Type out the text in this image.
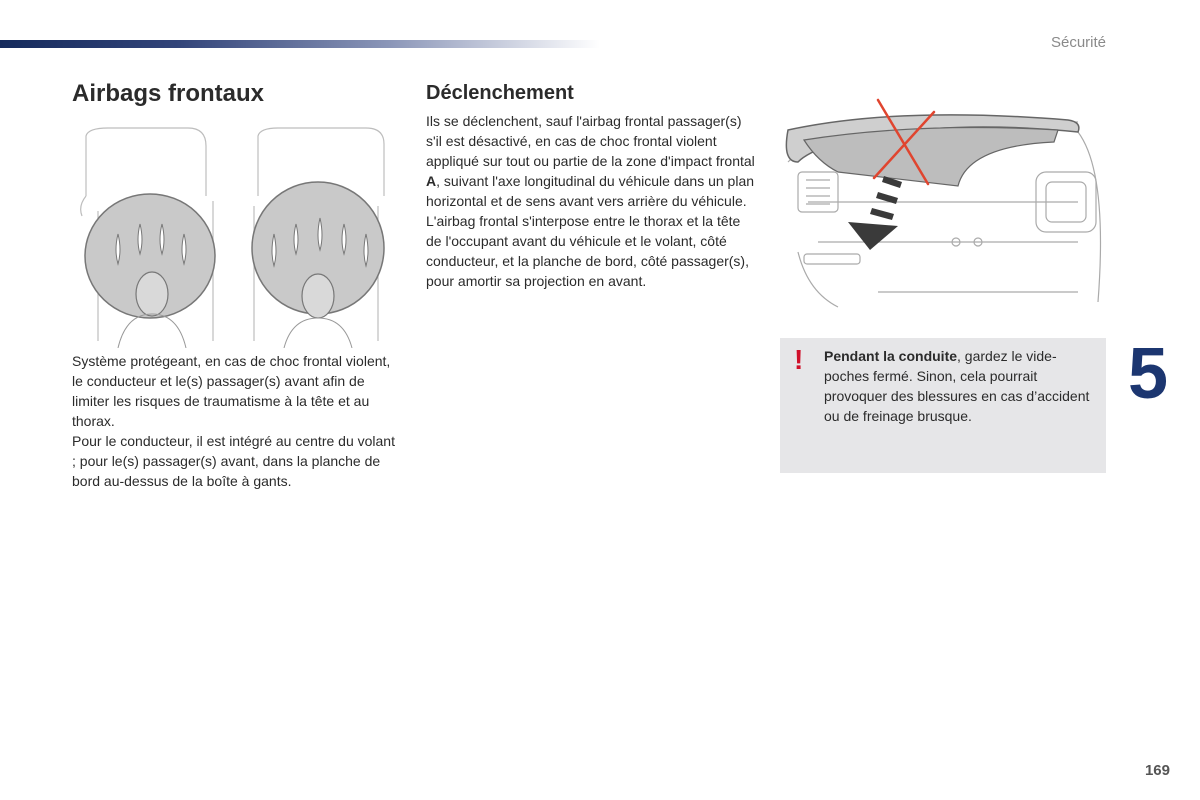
Sécurité
Airbags frontaux

Système protégeant, en cas de choc frontal violent, le conducteur et le(s) passager(s) avant afin de limiter les risques de traumatisme à la tête et au thorax.

Pour le conducteur, il est intégré au centre du volant ; pour le(s) passager(s) avant, dans la planche de bord au-dessus de la boîte à gants.

Déclenchement

Ils se déclenchent, sauf l'airbag frontal passager(s) s'il est désactivé, en cas de choc frontal violent appliqué sur tout ou partie de la zone d'impact frontal A, suivant l'axe longitudinal du véhicule dans un plan horizontal et de sens avant vers arrière du véhicule.

L'airbag frontal s'interpose entre le thorax et la tête de l'occupant avant du véhicule et le volant, côté conducteur, et la planche de bord, côté passager(s), pour amortir sa projection en avant.

! Pendant la conduite, gardez le vide-poches fermé. Sinon, cela pourrait provoquer des blessures en cas d’accident ou de freinage brusque.
5
169
